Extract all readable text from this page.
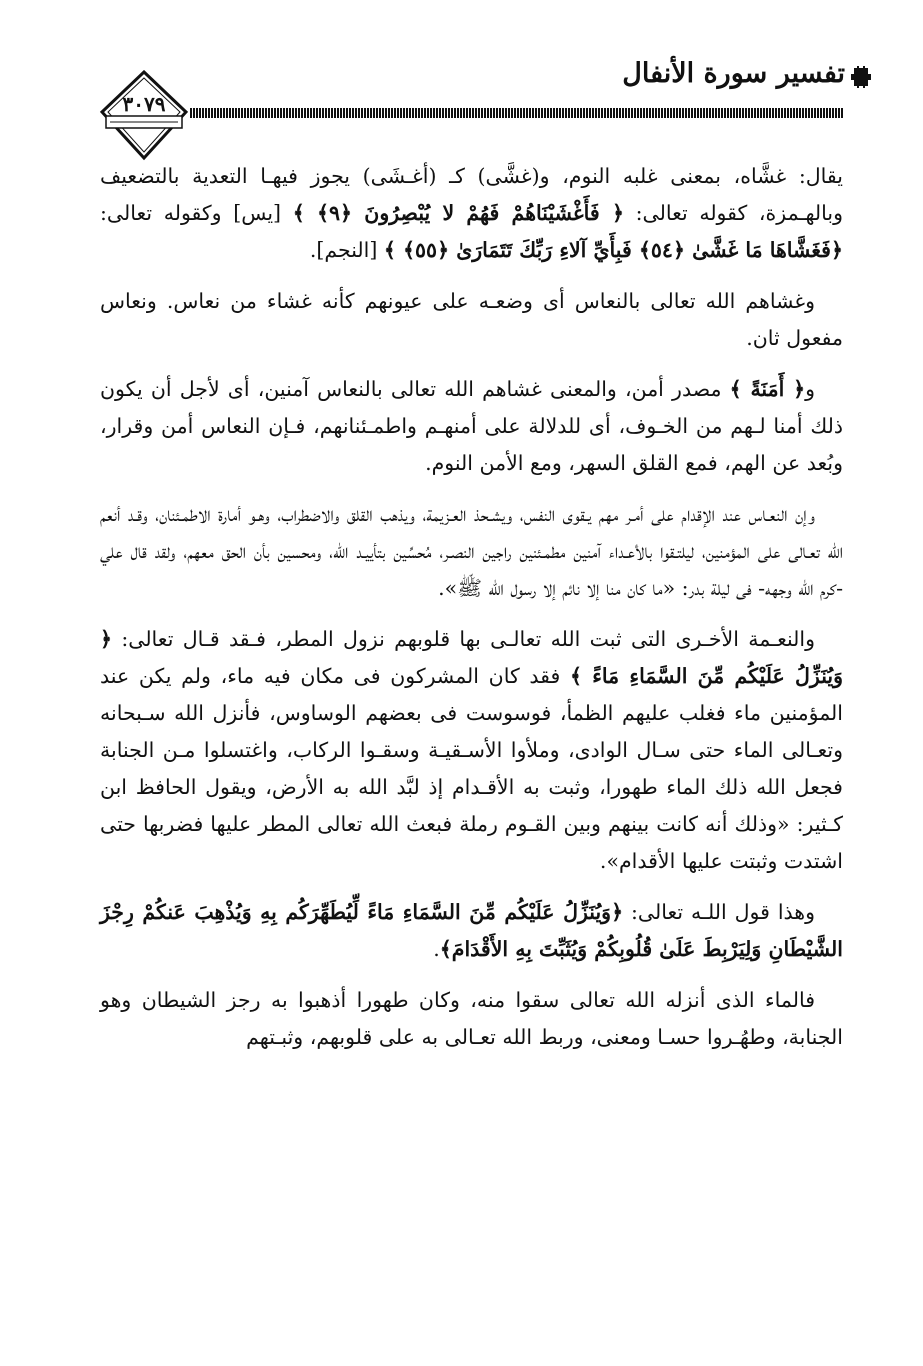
تفسير سورة الأنفال
٣٠٧٩

يقال: غشَّاه، بمعنى غلبه النوم، و(غشَّى) كـ (أغـشَى) يجوز فيهـا التعدية بالتضعيف وبالهـمزة، كقوله تعالى: ﴿ فَأَغْشَيْنَاهُمْ فَهُمْ لا يُبْصِرُونَ ﴿٩﴾ ﴾ [يس] وكقوله تعالى: ﴿فَغَشَّاهَا مَا غَشَّىٰ ﴿٥٤﴾ فَبِأَيِّ آلاءِ رَبِّكَ تَتَمَارَىٰ ﴿٥٥﴾ ﴾ [النجم].

وغشاهم الله تعالى بالنعاس أى وضعـه على عيونهم كأنه غشاء من نعاس. ونعاس مفعول ثان.

و﴿ أَمَنَةً ﴾ مصدر أمن، والمعنى غشاهم الله تعالى بالنعاس آمنين، أى لأجل أن يكون ذلك أمنا لـهم من الخـوف، أى للدلالة على أمنهـم واطمـئنانهم، فـإن النعاس أمن وقرار، وبُعد عن الهم، فمع القلق السهر، ومع الأمن النوم.

وإن النعـاس عند الإقدام على أمـر مهم يـقوى النفس، ويشـحذ العـزيمة، ويذهب القلق والاضطراب، وهـو أمارة الاطمـئنان، وقـد أنعم الله تعـالى على المؤمنين، ليلتـقوا بالأعـداء آمنين مطمـئنين راجين النصـر، مُحسِّين بتأييـد الله، ومحسين بأن الحق معهم، ولقد قال علي -كرم الله وجهه- فى ليلة بدر: «ما كان منا إلا نائم إلا رسول الله ﷺ».

والنعـمة الأخـرى التى ثبت الله تعالـى بها قلوبهم نزول المطر، فـقد قـال تعالى: ﴿ وَيُنَزِّلُ عَلَيْكُم مِّنَ السَّمَاءِ مَاءً ﴾ فقد كان المشركون فى مكان فيه ماء، ولم يكن عند المؤمنين ماء فغلب عليهم الظمأ، فوسوست فى بعضهم الوساوس، فأنزل الله سـبحانه وتعـالى الماء حتى سـال الوادى، وملأوا الأسـقيـة وسقـوا الركاب، واغتسلوا مـن الجنابة فجعل الله ذلك الماء طهورا، وثبت به الأقـدام إذ لبَّد الله به الأرض، ويقول الحافظ ابن كـثير: «وذلك أنه كانت بينهم وبين القـوم رملة فبعث الله تعالى المطر عليها فضربها حتى اشتدت وثبتت عليها الأقدام».

وهذا قول اللـه تعالى: ﴿وَيُنَزِّلُ عَلَيْكُم مِّنَ السَّمَاءِ مَاءً لِّيُطَهِّرَكُم بِهِ وَيُذْهِبَ عَنكُمْ رِجْزَ الشَّيْطَانِ وَلِيَرْبِطَ عَلَىٰ قُلُوبِكُمْ وَيُثَبِّتَ بِهِ الأَقْدَامَ﴾.

فالماء الذى أنزله الله تعالى سقوا منه، وكان طهورا أذهبوا به رجز الشيطان وهو الجنابة، وطهُـروا حسـا ومعنى، وربط الله تعـالى به على قلوبهم، وثبـتهم
